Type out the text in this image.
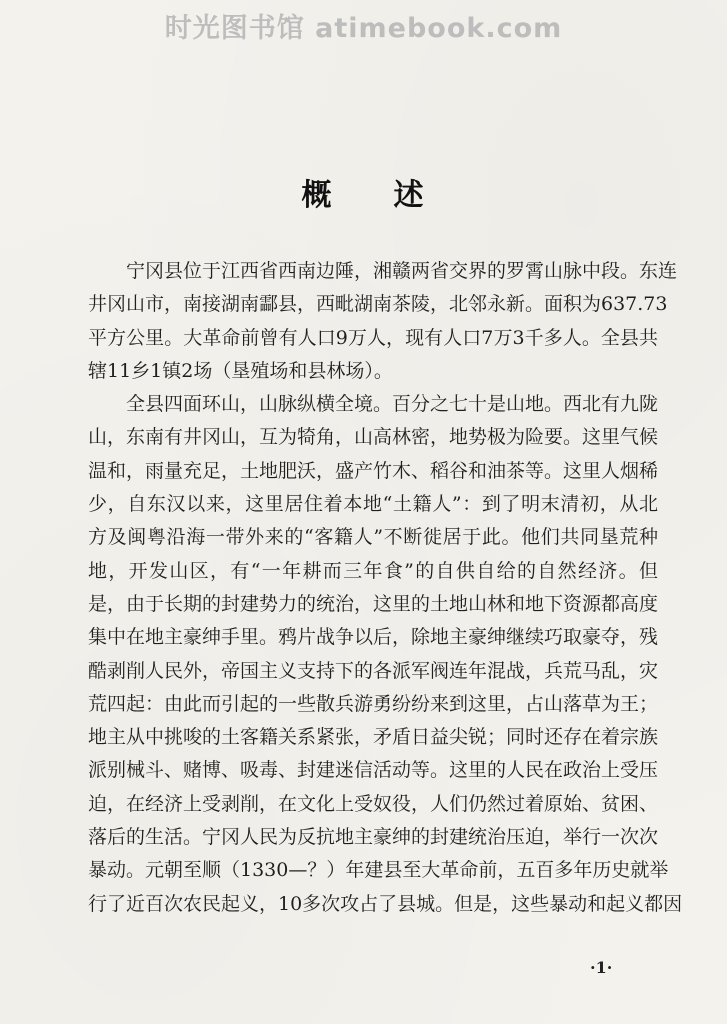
时光图书馆 atimebook.com
概 述
宁冈县位于江西省西南边陲，湘赣两省交界的罗霄山脉中段。东连
井冈山市，南接湖南酃县，西毗湖南茶陵，北邻永新。面积为637.73
平方公里。大革命前曾有人口9万人，现有人口7万3千多人。全县共
辖11乡1镇2场（垦殖场和县林场）。
全县四面环山，山脉纵横全境。百分之七十是山地。西北有九陇
山，东南有井冈山，互为犄角，山高林密，地势极为险要。这里气候
温和，雨量充足，土地肥沃，盛产竹木、稻谷和油茶等。这里人烟稀
少，自东汉以来，这里居住着本地“土籍人”：到了明末清初，从北
方及闽粤沿海一带外来的“客籍人”不断徙居于此。他们共同垦荒种
地，开发山区，有“一年耕而三年食”的自供自给的自然经济。但
是，由于长期的封建势力的统治，这里的土地山林和地下资源都高度
集中在地主豪绅手里。鸦片战争以后，除地主豪绅继续巧取豪夺，残
酷剥削人民外，帝国主义支持下的各派军阀连年混战，兵荒马乱，灾
荒四起：由此而引起的一些散兵游勇纷纷来到这里，占山落草为王；
地主从中挑唆的土客籍关系紧张，矛盾日益尖锐；同时还存在着宗族
派别械斗、赌博、吸毒、封建迷信活动等。这里的人民在政治上受压
迫，在经济上受剥削，在文化上受奴役，人们仍然过着原始、贫困、
落后的生活。宁冈人民为反抗地主豪绅的封建统治压迫，举行一次次
暴动。元朝至顺（1330—？）年建县至大革命前，五百多年历史就举
行了近百次农民起义，10多次攻占了县城。但是，这些暴动和起义都因
·1·
